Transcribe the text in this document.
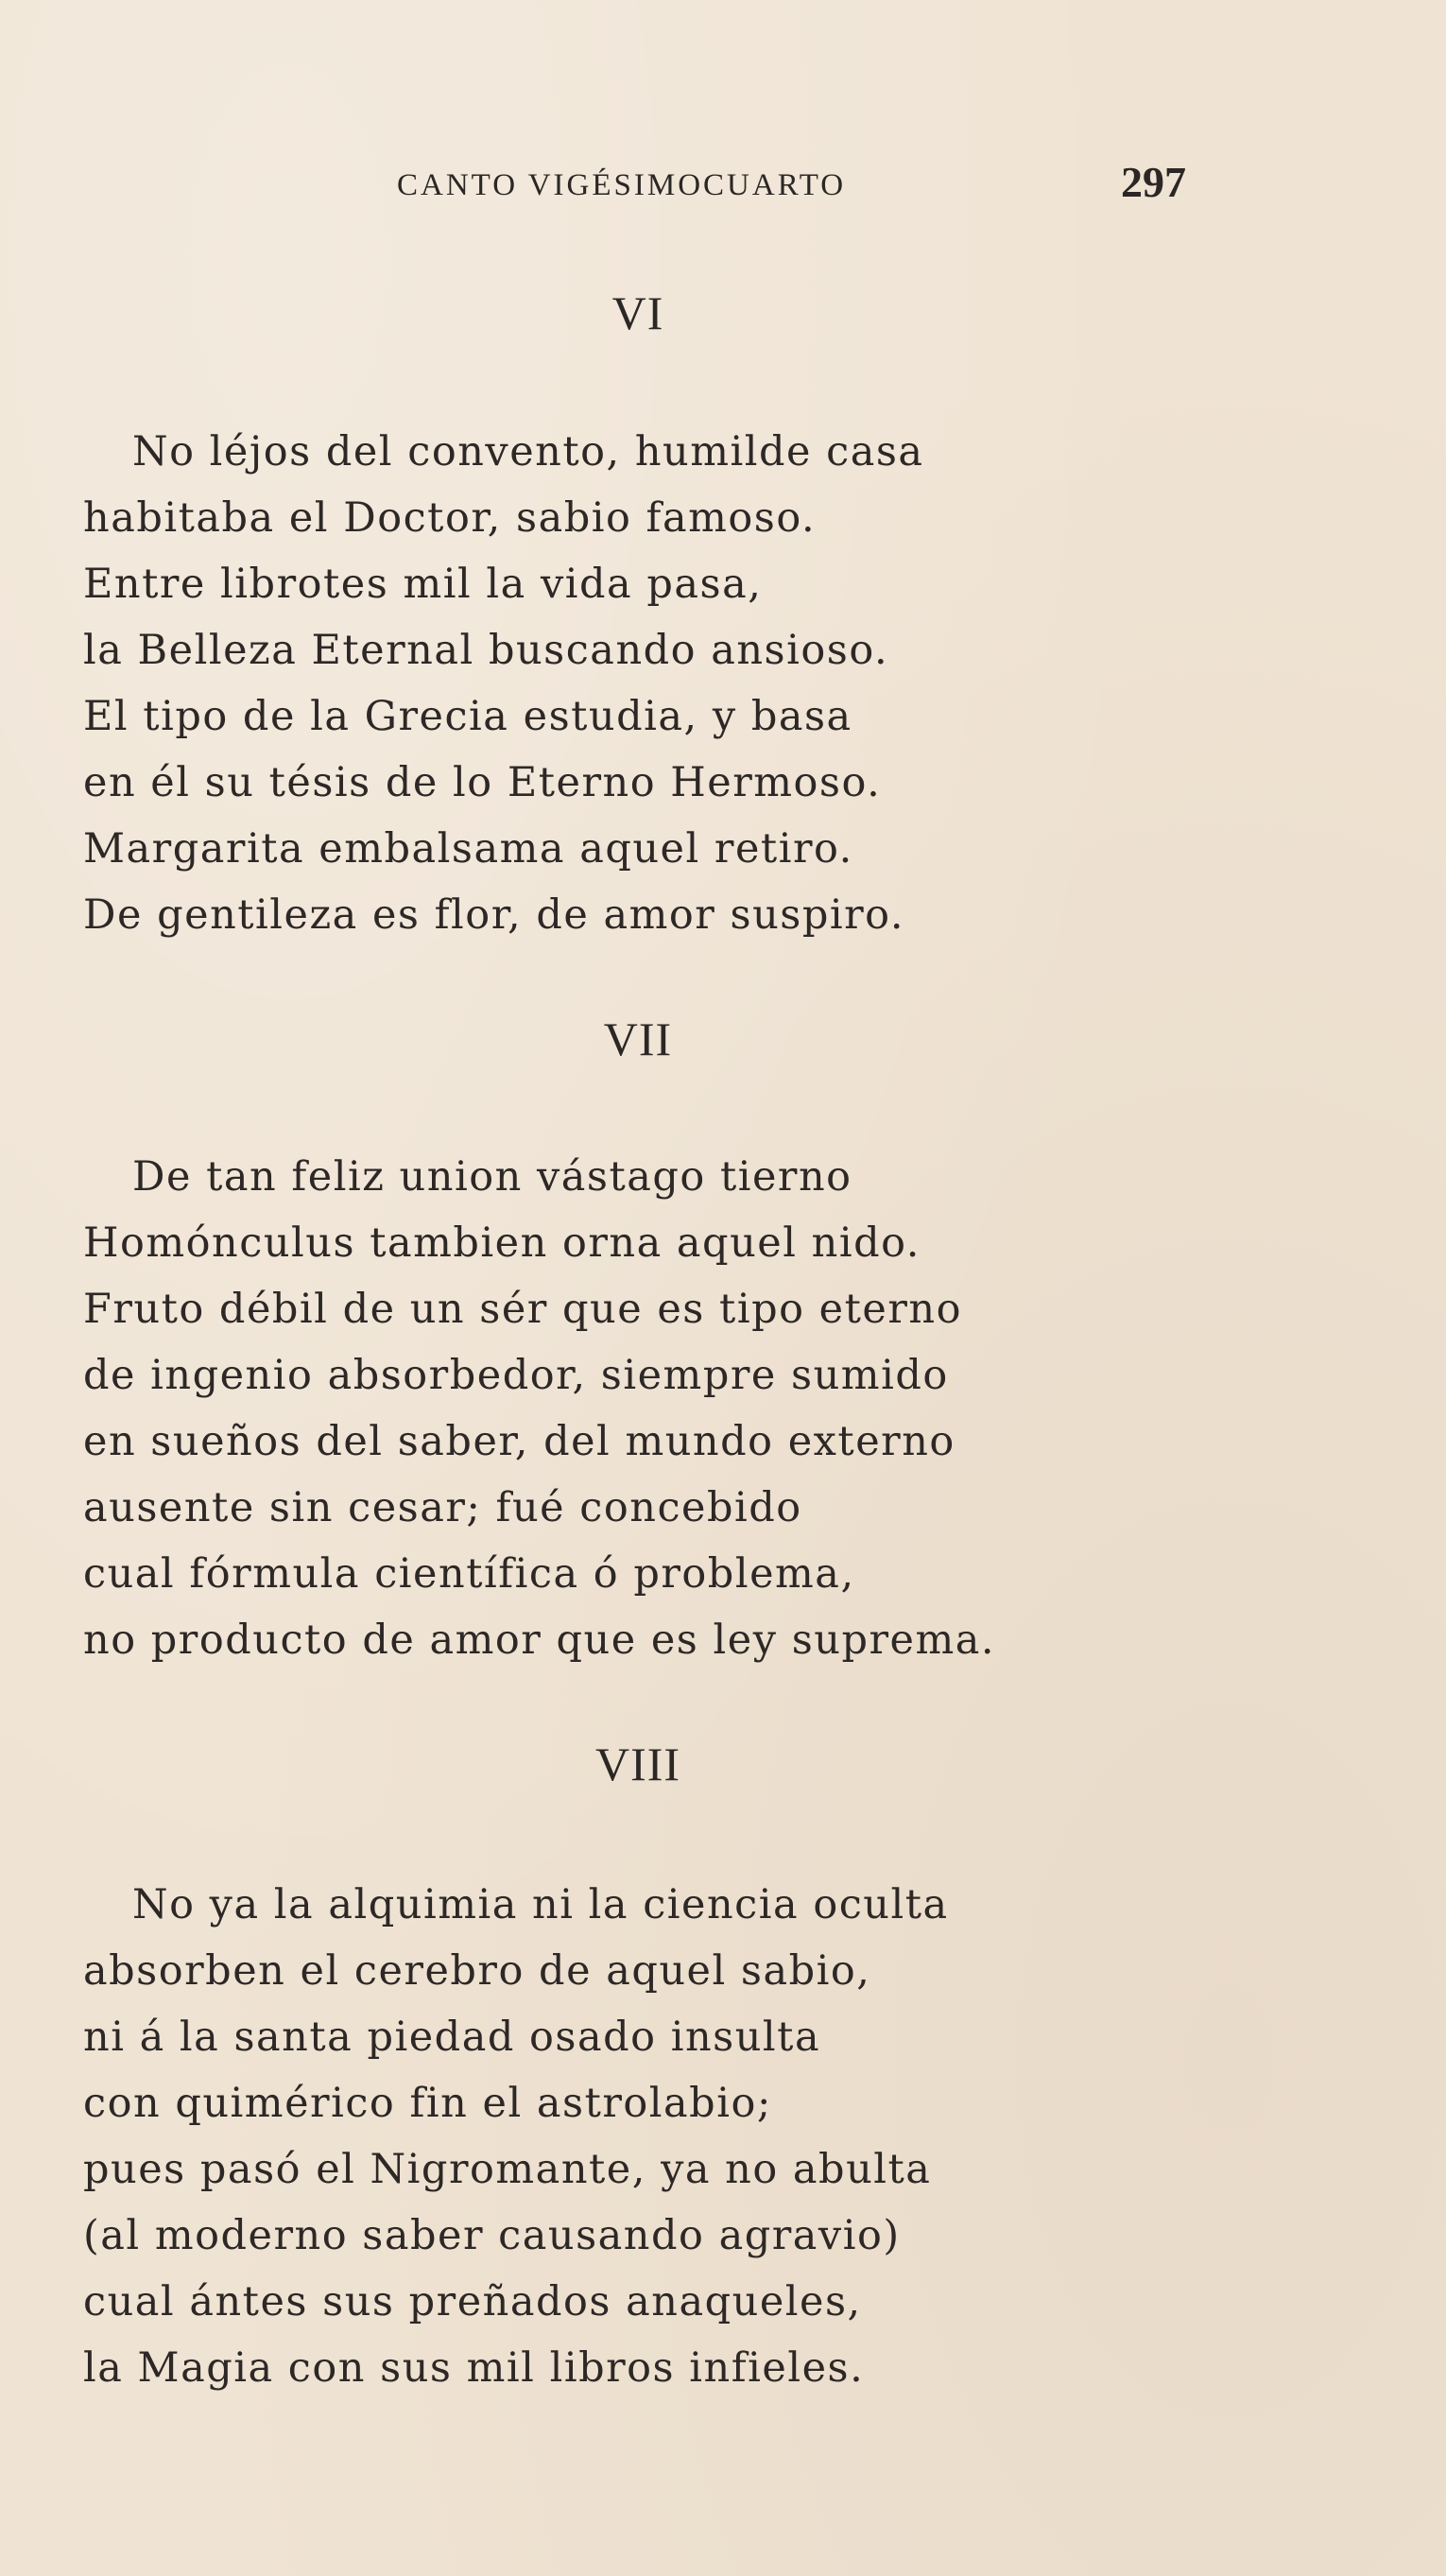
CANTO VIGÉSIMOCUARTO	297
VI
No léjos del convento, humilde casa
habitaba el Doctor, sabio famoso.
Entre librotes mil la vida pasa,
la Belleza Eternal buscando ansioso.
El tipo de la Grecia estudia, y basa
en él su tésis de lo Eterno Hermoso.
Margarita embalsama aquel retiro.
De gentileza es flor, de amor suspiro.
VII
De tan feliz union vástago tierno
Homónculus tambien orna aquel nido.
Fruto débil de un sér que es tipo eterno
de ingenio absorbedor, siempre sumido
en sueños del saber, del mundo externo
ausente sin cesar; fué concebido
cual fórmula científica ó problema,
no producto de amor que es ley suprema.
VIII
No ya la alquimia ni la ciencia oculta
absorben el cerebro de aquel sabio,
ni á la santa piedad osado insulta
con quimérico fin el astrolabio;
pues pasó el Nigromante, ya no abulta
(al moderno saber causando agravio)
cual ántes sus preñados anaqueles,
la Magia con sus mil libros infieles.
